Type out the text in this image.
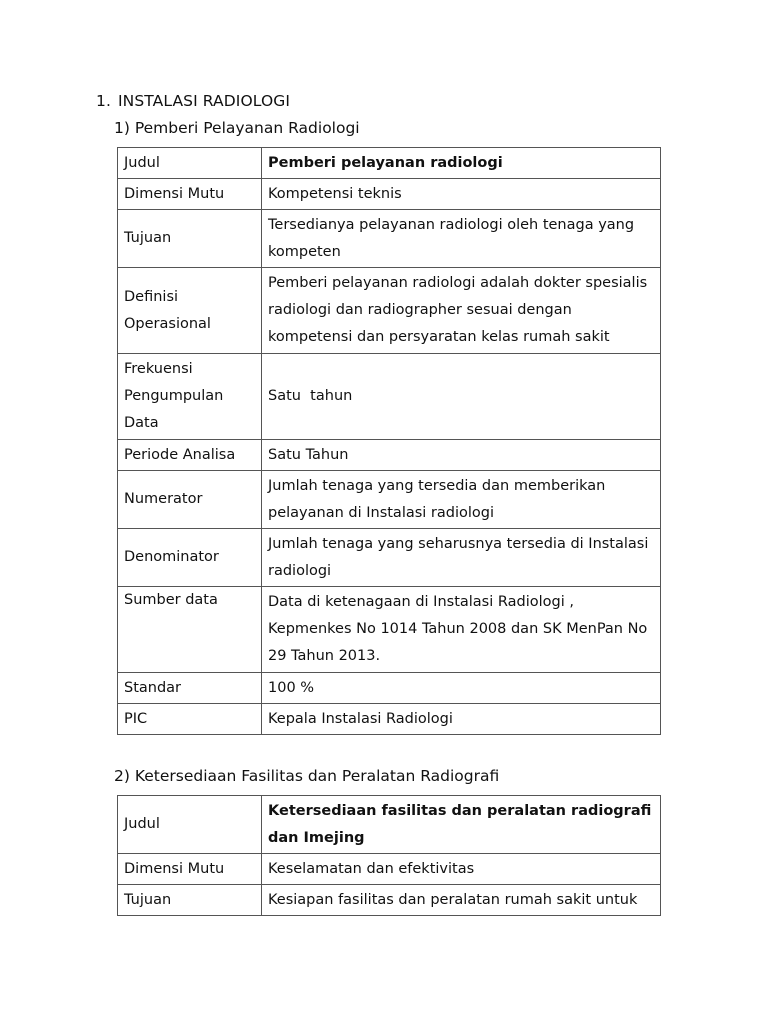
1. INSTALASI RADIOLOGI
1) Pemberi Pelayanan Radiologi
Judul	Pemberi pelayanan radiologi
Dimensi Mutu	Kompetensi teknis
Tujuan	Tersedianya pelayanan radiologi oleh tenaga yang kompeten
Definisi Operasional	Pemberi pelayanan radiologi adalah dokter spesialis radiologi dan radiographer sesuai dengan kompetensi dan persyaratan kelas rumah sakit
Frekuensi Pengumpulan Data	Satu  tahun
Periode Analisa	Satu Tahun
Numerator	Jumlah tenaga yang tersedia dan memberikan pelayanan di Instalasi radiologi
Denominator	Jumlah tenaga yang seharusnya tersedia di Instalasi radiologi
Sumber data	Data di ketenagaan di Instalasi Radiologi , Kepmenkes No 1014 Tahun 2008 dan SK MenPan No 29 Tahun 2013.
Standar	100 %
PIC	Kepala Instalasi Radiologi
2) Ketersediaan Fasilitas dan Peralatan Radiografi
Judul	Ketersediaan fasilitas dan peralatan radiografi dan Imejing
Dimensi Mutu	Keselamatan dan efektivitas
Tujuan	Kesiapan fasilitas dan peralatan rumah sakit untuk
